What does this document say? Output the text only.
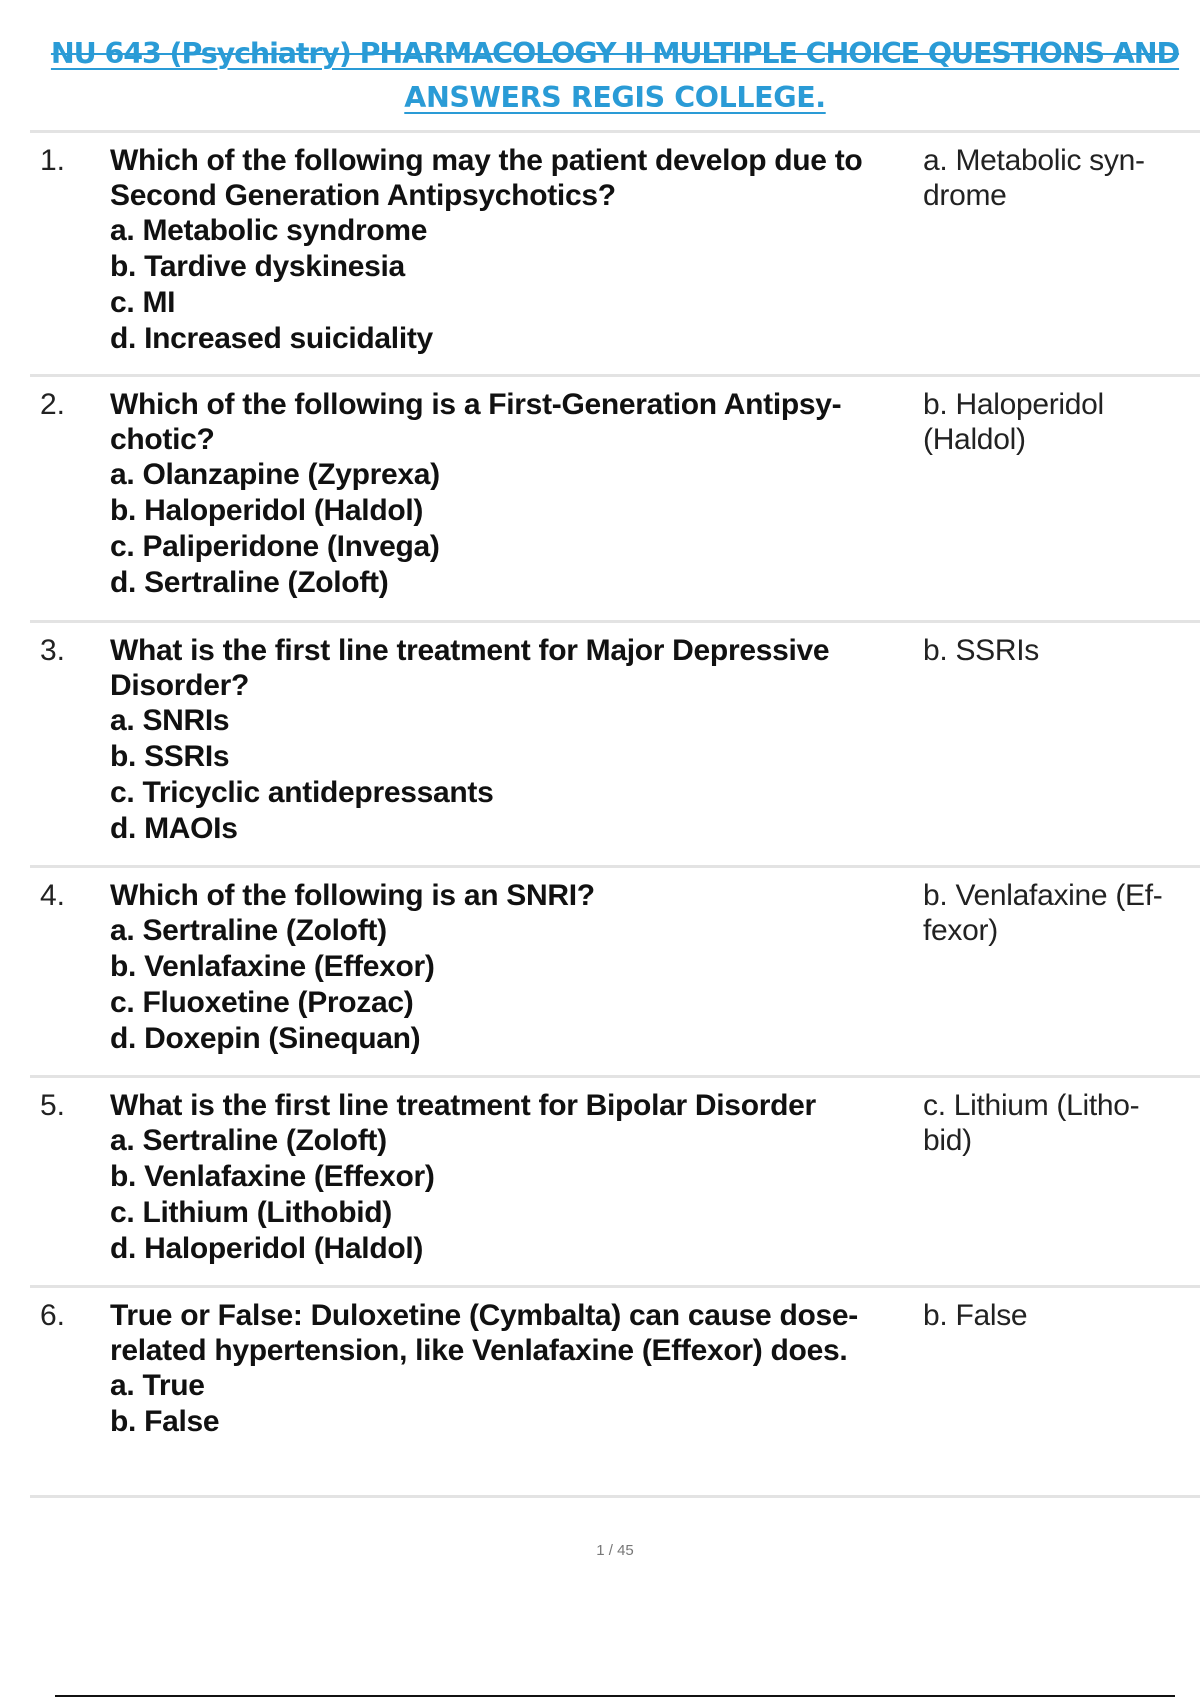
NU 643 (Psychiatry) PHARMACOLOGY II MULTIPLE CHOICE QUESTIONS AND
ANSWERS REGIS COLLEGE.
1. Which of the following may the patient develop due to Second Generation Antipsychotics?
a. Metabolic syndrome
b. Tardive dyskinesia
c. MI
d. Increased suicidality
a. Metabolic syn- drome
2. Which of the following is a First-Generation Antipsy- chotic?
a. Olanzapine (Zyprexa)
b. Haloperidol (Haldol)
c. Paliperidone (Invega)
d. Sertraline (Zoloft)
b. Haloperidol (Haldol)
3. What is the first line treatment for Major Depressive Disorder?
a. SNRIs
b. SSRIs
c. Tricyclic antidepressants
d. MAOIs
b. SSRIs
4. Which of the following is an SNRI?
a. Sertraline (Zoloft)
b. Venlafaxine (Effexor)
c. Fluoxetine (Prozac)
d. Doxepin (Sinequan)
b. Venlafaxine (Ef- fexor)
5. What is the first line treatment for Bipolar Disorder
a. Sertraline (Zoloft)
b. Venlafaxine (Effexor)
c. Lithium (Lithobid)
d. Haloperidol (Haldol)
c. Lithium (Litho- bid)
6. True or False: Duloxetine (Cymbalta) can cause dose-related hypertension, like Venlafaxine (Effexor) does.
a. True
b. False
b. False
1 / 45
